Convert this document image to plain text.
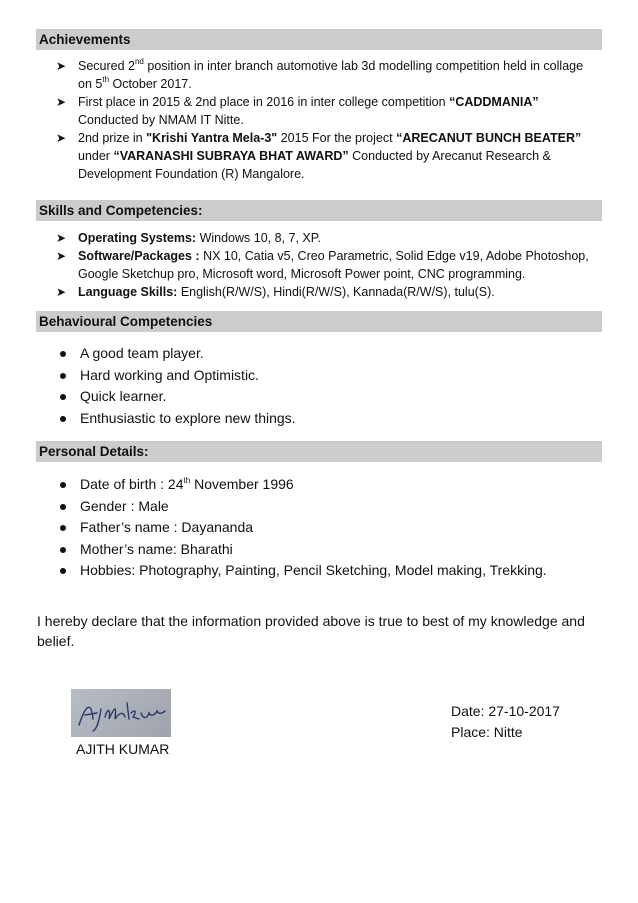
Achievements
➤ Secured 2nd position in inter branch automotive lab 3d modelling competition held in collage on 5th October 2017.
➤ First place in 2015 & 2nd place in 2016 in inter college competition “CADDMANIA” Conducted by NMAM IT Nitte.
➤ 2nd prize in "Krishi Yantra Mela-3" 2015 For the project “ARECANUT BUNCH BEATER” under “VARANASHI SUBRAYA BHAT AWARD” Conducted by Arecanut Research & Development Foundation (R) Mangalore.
Skills and Competencies:
➤ Operating Systems: Windows 10, 8, 7, XP.
➤ Software/Packages : NX 10, Catia v5, Creo Parametric, Solid Edge v19, Adobe Photoshop, Google Sketchup pro, Microsoft word, Microsoft Power point, CNC programming.
➤ Language Skills: English(R/W/S), Hindi(R/W/S), Kannada(R/W/S), tulu(S).
Behavioural Competencies
A good team player.
Hard working and Optimistic.
Quick learner.
Enthusiastic to explore new things.
Personal Details:
Date of birth : 24th November 1996
Gender : Male
Father’s name : Dayananda
Mother’s name: Bharathi
Hobbies: Photography, Painting, Pencil Sketching, Model making, Trekking.
I hereby declare that the information provided above is true to best of my knowledge and belief.
AJITH KUMAR
Date: 27-10-2017
Place: Nitte
